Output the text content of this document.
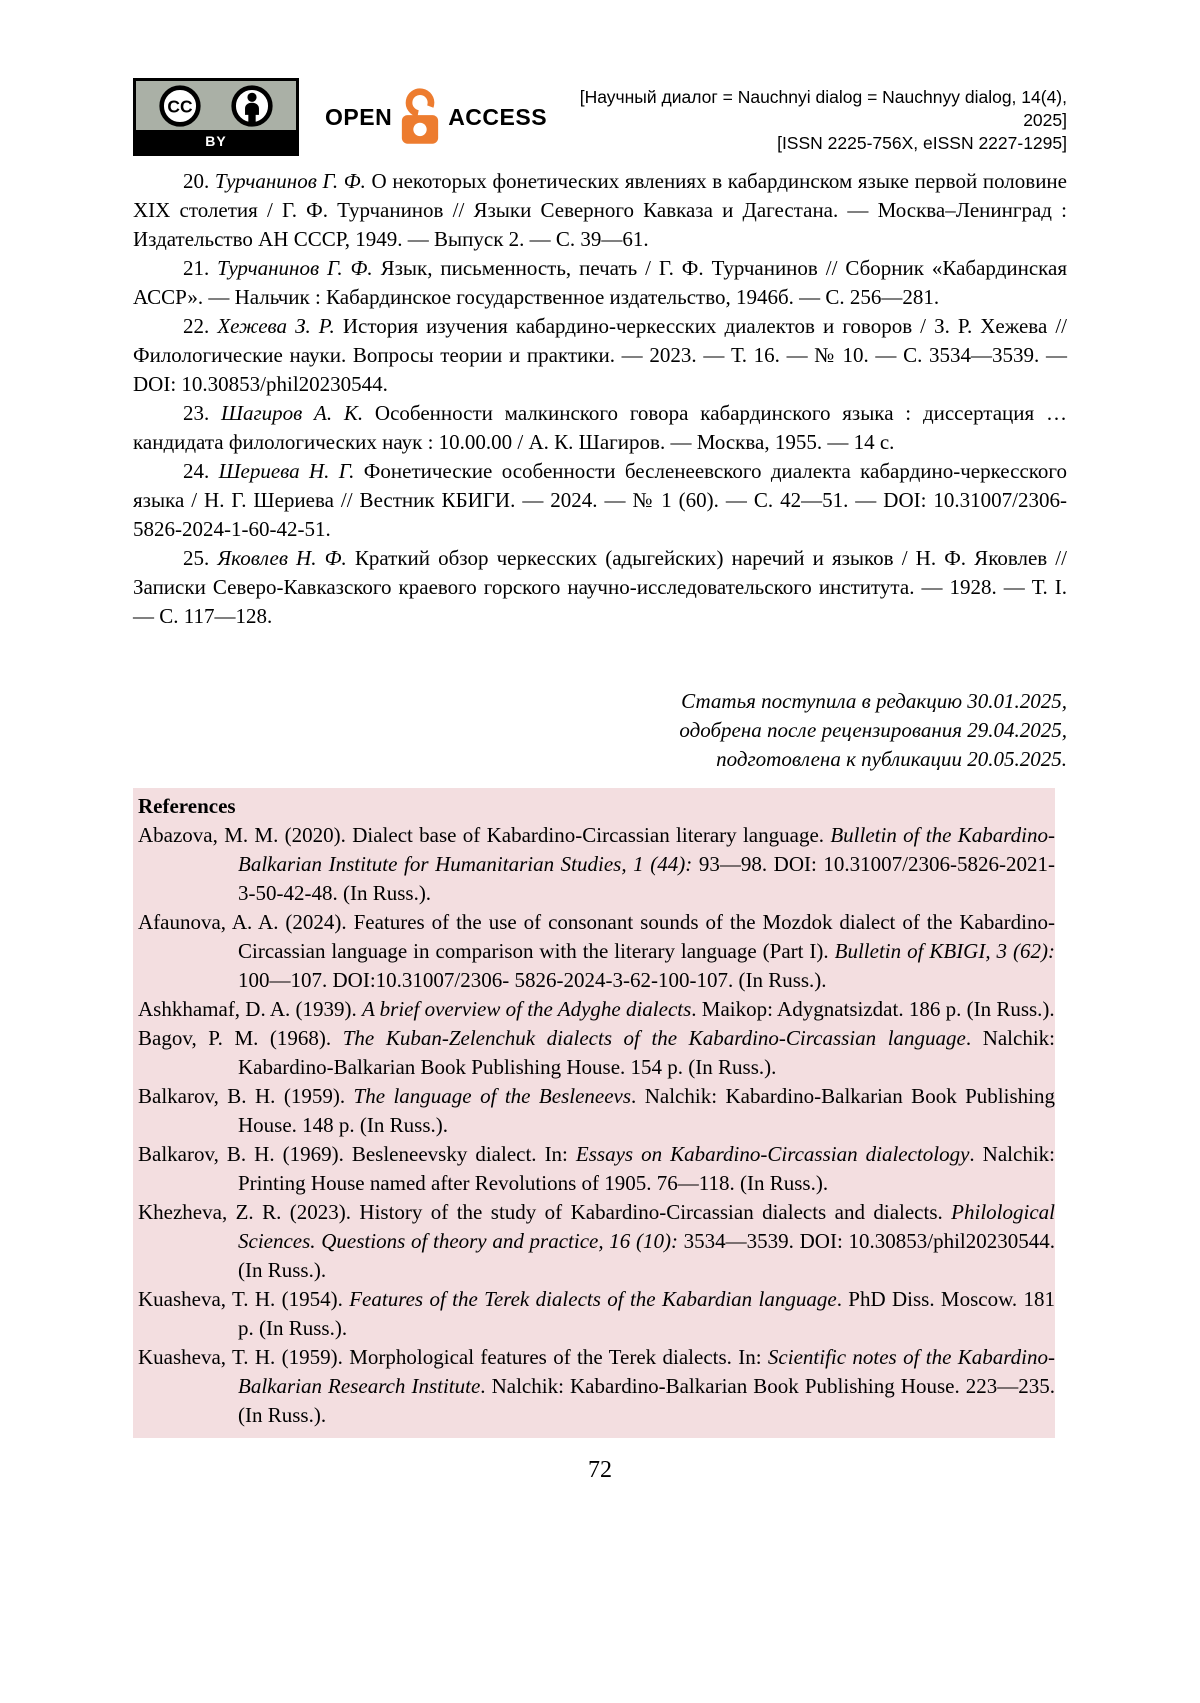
CC
BY
OPEN ACCESS
[Научный диалог = Nauchnyi dialog = Nauchnyy dialog, 14(4), 2025]
[ISSN 2225-756X, eISSN 2227-1295]

20. Турчанинов Г. Ф. О некоторых фонетических явлениях в кабардинском языке первой половине XIX столетия / Г. Ф. Турчанинов // Языки Северного Кавказа и Дагестана. — Москва–Ленинград : Издательство АН СССР, 1949. — Выпуск 2. — С. 39—61.

21. Турчанинов Г. Ф. Язык, письменность, печать / Г. Ф. Турчанинов // Сборник «Кабардинская АССР». — Нальчик : Кабардинское государственное издательство, 1946б. — С. 256—281.

22. Хежева З. Р. История изучения кабардино-черкесских диалектов и говоров / З. Р. Хежева // Филологические науки. Вопросы теории и практики. — 2023. — Т. 16. — № 10. — С. 3534—3539. — DOI: 10.30853/phil20230544.

23. Шагиров А. К. Особенности малкинского говора кабардинского языка : диссертация … кандидата филологических наук : 10.00.00 / А. К. Шагиров. — Москва, 1955. — 14 с.

24. Шериева Н. Г. Фонетические особенности бесленеевского диалекта кабардино-черкесского языка / Н. Г. Шериева // Вестник КБИГИ. — 2024. — № 1 (60). — С. 42—51. — DOI: 10.31007/2306-5826-2024-1-60-42-51.

25. Яковлев Н. Ф. Краткий обзор черкесских (адыгейских) наречий и языков / Н. Ф. Яковлев // Записки Северо-Кавказского краевого горского научно-исследовательского института. — 1928. — Т. I. — С. 117—128.

Статья поступила в редакцию 30.01.2025,
одобрена после рецензирования 29.04.2025,
подготовлена к публикации 20.05.2025.
References

Abazova, M. M. (2020). Dialect base of Kabardino-Circassian literary language. Bulletin of the Kabardino-Balkarian Institute for Humanitarian Studies, 1 (44): 93—98. DOI: 10.31007/2306-5826-2021-3-50-42-48. (In Russ.).

Afaunova, A. A. (2024). Features of the use of consonant sounds of the Mozdok dialect of the Kabardino-Circassian language in comparison with the literary language (Part I). Bulletin of KBIGI, 3 (62): 100—107. DOI:10.31007/2306- 5826-2024-3-62-100-107. (In Russ.).

Ashkhamaf, D. A. (1939). A brief overview of the Adyghe dialects. Maikop: Adygnatsizdat. 186 p. (In Russ.).

Bagov, P. M. (1968). The Kuban-Zelenchuk dialects of the Kabardino-Circassian language. Nalchik: Kabardino-Balkarian Book Publishing House. 154 p. (In Russ.).

Balkarov, B. H. (1959). The language of the Besleneevs. Nalchik: Kabardino-Balkarian Book Publishing House. 148 p. (In Russ.).

Balkarov, B. H. (1969). Besleneevsky dialect. In: Essays on Kabardino-Circassian dialectology. Nalchik: Printing House named after Revolutions of 1905. 76—118. (In Russ.).

Khezheva, Z. R. (2023). History of the study of Kabardino-Circassian dialects and dialects. Philological Sciences. Questions of theory and practice, 16 (10): 3534—3539. DOI: 10.30853/phil20230544. (In Russ.).

Kuasheva, T. H. (1954). Features of the Terek dialects of the Kabardian language. PhD Diss. Moscow. 181 p. (In Russ.).

Kuasheva, T. H. (1959). Morphological features of the Terek dialects. In: Scientific notes of the Kabardino-Balkarian Research Institute. Nalchik: Kabardino-Balkarian Book Publishing House. 223—235. (In Russ.).

72
